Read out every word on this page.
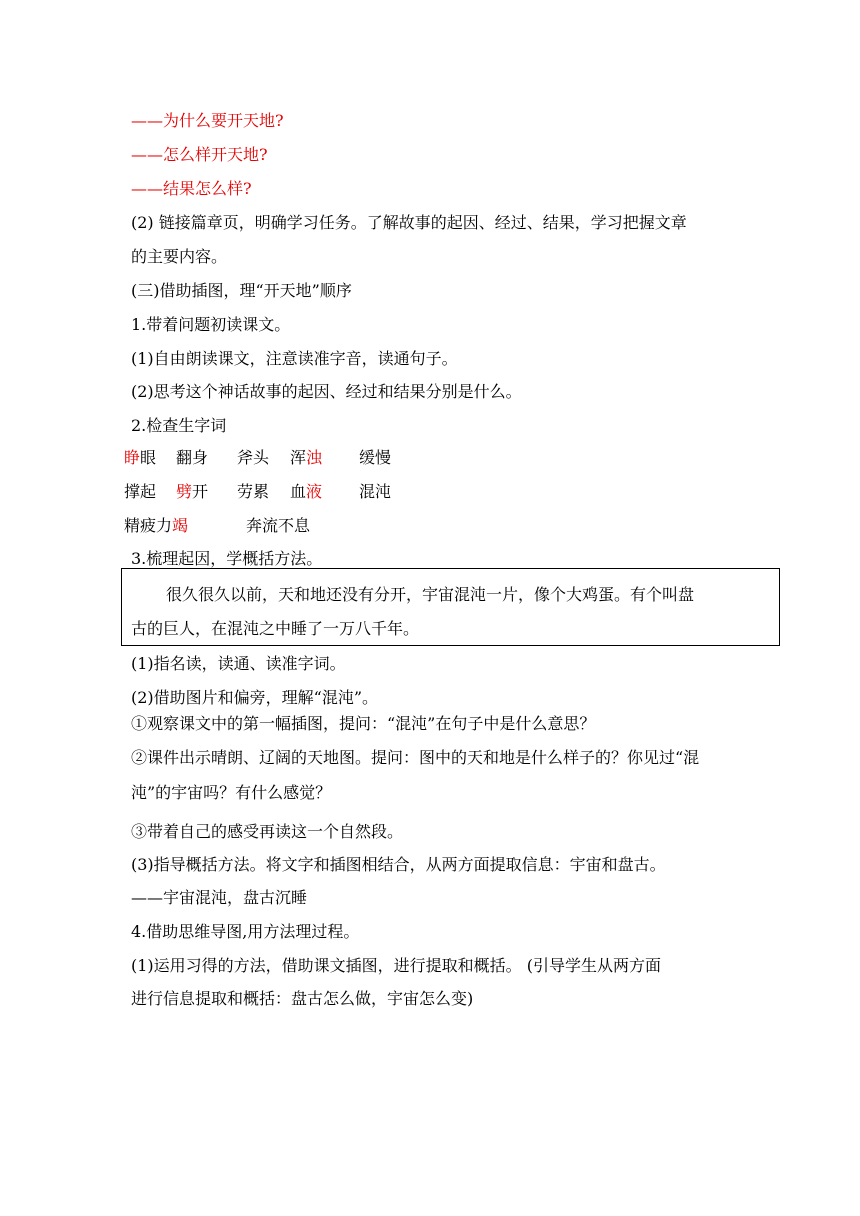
——为什么要开天地?
——怎么样开天地?
——结果怎么样?
(2) 链接篇章页，明确学习任务。了解故事的起因、经过、结果，学习把握文章
的主要内容。
(三)借助插图，理“开天地”顺序
1.带着问题初读课文。
(1)自由朗读课文，注意读准字音，读通句子。
(2)思考这个神话故事的起因、经过和结果分别是什么。
2.检查生字词
睁眼 翻身 斧头 浑浊 缓慢
撑起 劈开 劳累 血液 混沌
精疲力竭	奔流不息
3.梳理起因，学概括方法。
很久很久以前，天和地还没有分开，宇宙混沌一片，像个大鸡蛋。有个叫盘
古的巨人，在混沌之中睡了一万八千年。
(1)指名读，读通、读准字词。
(2)借助图片和偏旁，理解“混沌”。
①观察课文中的第一幅插图，提问：“混沌”在句子中是什么意思？
②课件出示晴朗、辽阔的天地图。提问：图中的天和地是什么样子的？你见过“混
沌”的宇宙吗？有什么感觉？
③带着自己的感受再读这一个自然段。
(3)指导概括方法。将文字和插图相结合，从两方面提取信息：宇宙和盘古。
——宇宙混沌，盘古沉睡
4.借助思维导图,用方法理过程。
(1)运用习得的方法，借助课文插图，进行提取和概括。 (引导学生从两方面
进行信息提取和概括：盘古怎么做，宇宙怎么变)
